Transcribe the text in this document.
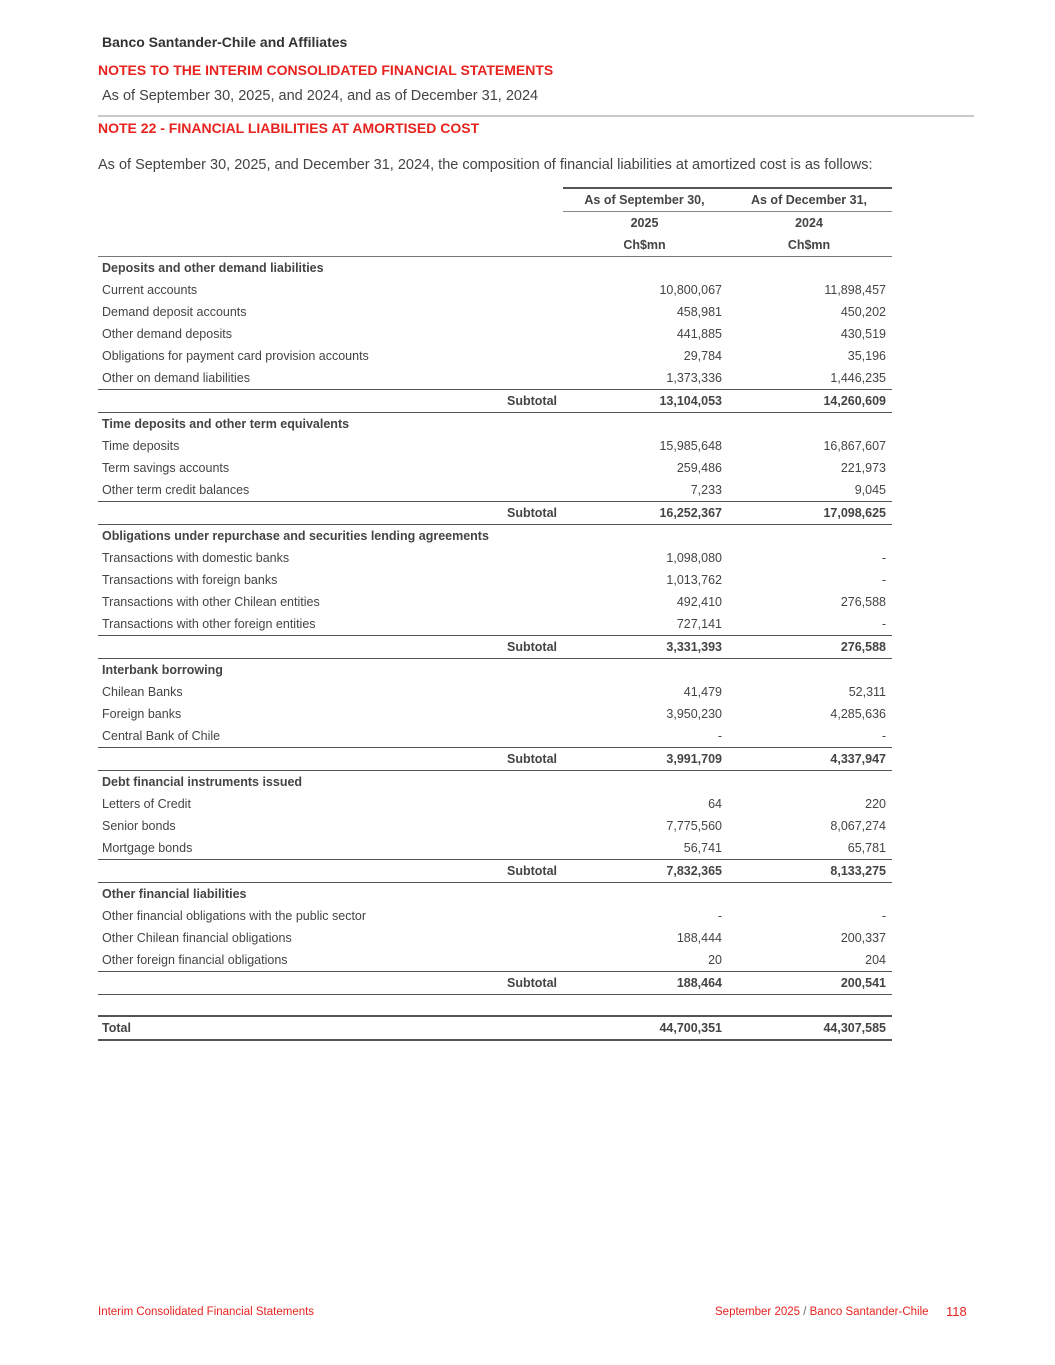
Banco Santander-Chile and Affiliates
NOTES TO THE INTERIM CONSOLIDATED FINANCIAL STATEMENTS
As of September 30, 2025, and 2024, and as of December 31, 2024
NOTE 22 - FINANCIAL LIABILITIES AT AMORTISED COST
As of September 30, 2025, and December 31, 2024, the composition of financial liabilities at amortized cost is as follows:
	As of September 30,	As of December 31,
	2025	2024
	Ch$mn	Ch$mn
Deposits and other demand liabilities		
Current accounts	10,800,067	11,898,457
Demand deposit accounts	458,981	450,202
Other demand deposits	441,885	430,519
Obligations for payment card provision accounts	29,784	35,196
Other on demand liabilities	1,373,336	1,446,235
Subtotal	13,104,053	14,260,609
Time deposits and other term equivalents		
Time deposits	15,985,648	16,867,607
Term savings accounts	259,486	221,973
Other term credit balances	7,233	9,045
Subtotal	16,252,367	17,098,625
Obligations under repurchase and securities lending agreements		
Transactions with domestic banks	1,098,080	-
Transactions with foreign banks	1,013,762	-
Transactions with other Chilean entities	492,410	276,588
Transactions with other foreign entities	727,141	-
Subtotal	3,331,393	276,588
Interbank borrowing		
Chilean Banks	41,479	52,311
Foreign banks	3,950,230	4,285,636
Central Bank of Chile	-	-
Subtotal	3,991,709	4,337,947
Debt financial instruments issued		
Letters of Credit	64	220
Senior bonds	7,775,560	8,067,274
Mortgage bonds	56,741	65,781
Subtotal	7,832,365	8,133,275
Other financial liabilities		
Other financial obligations with the public sector	-	-
Other Chilean financial obligations	188,444	200,337
Other foreign financial obligations	20	204
Subtotal	188,464	200,541

Total	44,700,351	44,307,585
Interim Consolidated Financial Statements	September 2025 / Banco Santander-Chile 118
